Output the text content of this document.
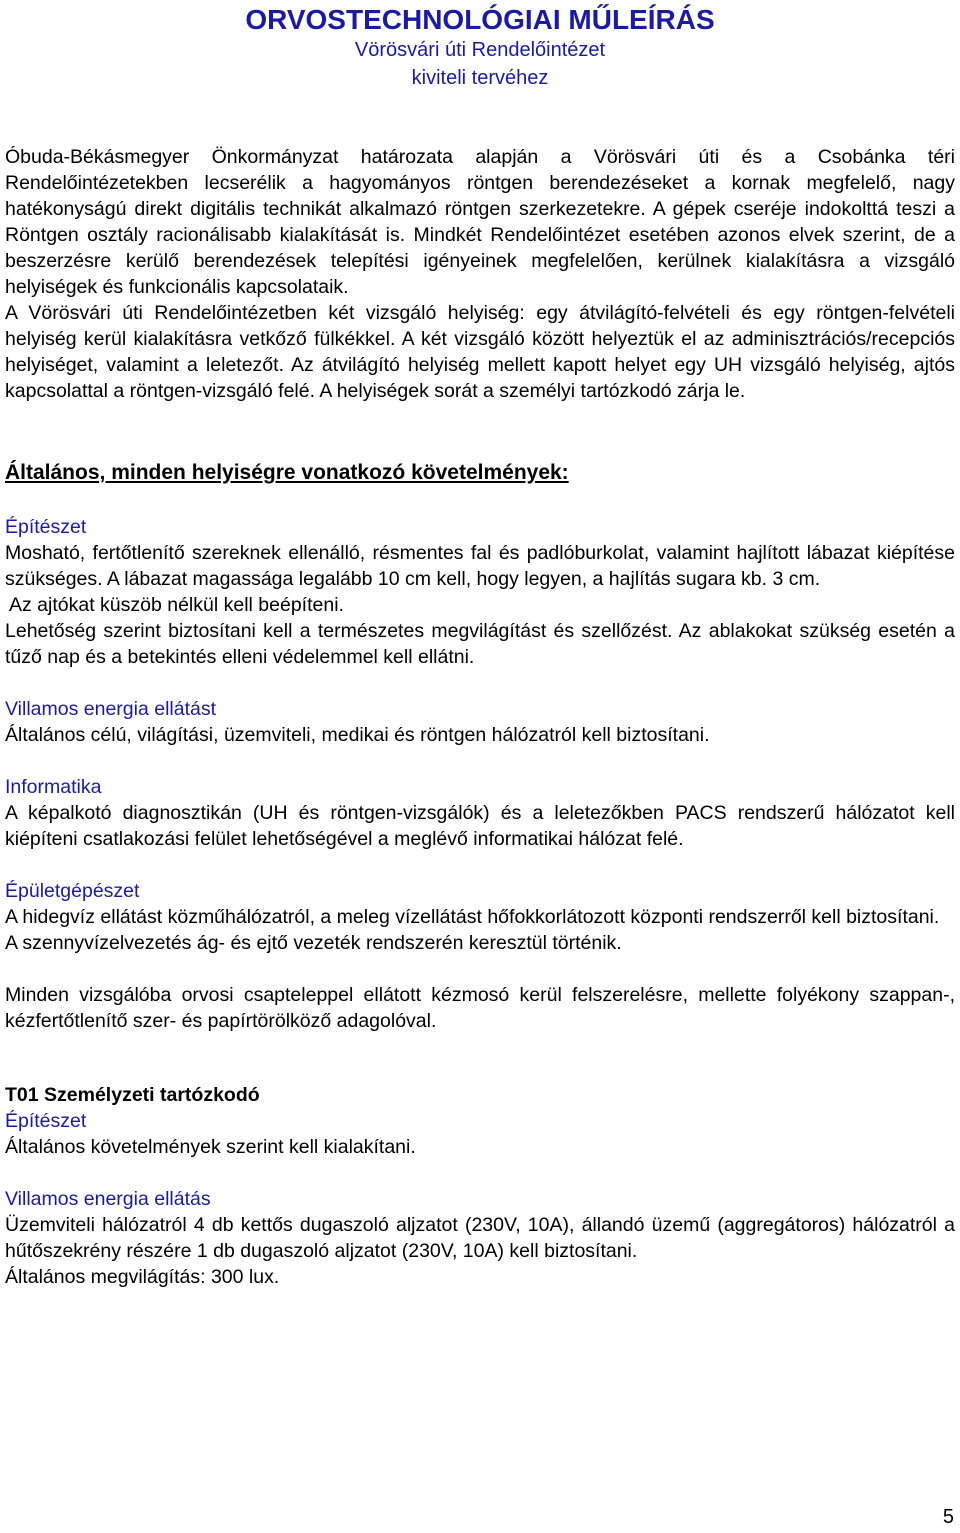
ORVOSTECHNOLÓGIAI MŰLEÍRÁS
Vörösvári úti Rendelőintézet
kiviteli tervéhez

Óbuda-Békásmegyer Önkormányzat határozata alapján a Vörösvári úti és a Csobánka téri Rendelőintézetekben lecserélik a hagyományos röntgen berendezéseket a kornak megfelelő, nagy hatékonyságú direkt digitális technikát alkalmazó röntgen szerkezetekre. A gépek cseréje indokolttá teszi a Röntgen osztály racionálisabb kialakítását is. Mindkét Rendelőintézet esetében azonos elvek szerint, de a beszerzésre kerülő berendezések telepítési igényeinek megfelelően, kerülnek kialakításra a vizsgáló helyiségek és funkcionális kapcsolataik.

A Vörösvári úti Rendelőintézetben két vizsgáló helyiség: egy átvilágító-felvételi és egy röntgen-felvételi helyiség kerül kialakításra vetkőző fülkékkel. A két vizsgáló között helyeztük el az adminisztrációs/recepciós helyiséget, valamint a leletezőt. Az átvilágító helyiség mellett kapott helyet egy UH vizsgáló helyiség, ajtós kapcsolattal a röntgen-vizsgáló felé. A helyiségek sorát a személyi tartózkodó zárja le.

Általános, minden helyiségre vonatkozó követelmények:

Építészet

Mosható, fertőtlenítő szereknek ellenálló, résmentes fal és padlóburkolat, valamint hajlított lábazat kiépítése szükséges. A lábazat magassága legalább 10 cm kell, hogy legyen, a hajlítás sugara kb. 3 cm.

Az ajtókat küszöb nélkül kell beépíteni.

Lehetőség szerint biztosítani kell a természetes megvilágítást és szellőzést. Az ablakokat szükség esetén a tűző nap és a betekintés elleni védelemmel kell ellátni.

Villamos energia ellátást

Általános célú, világítási, üzemviteli, medikai és röntgen hálózatról kell biztosítani.

Informatika

A képalkotó diagnosztikán (UH és röntgen-vizsgálók) és a leletezőkben PACS rendszerű hálózatot kell kiépíteni csatlakozási felület lehetőségével a meglévő informatikai hálózat felé.

Épületgépészet

A hidegvíz ellátást közműhálózatról, a meleg vízellátást hőfokkorlátozott központi rendszerről kell biztosítani.

A szennyvízelvezetés ág- és ejtő vezeték rendszerén keresztül történik.

Minden vizsgálóba orvosi csapteleppel ellátott kézmosó kerül felszerelésre, mellette folyékony szappan-, kézfertőtlenítő szer- és papírtörölköző adagolóval.

T01 Személyzeti tartózkodó

Építészet

Általános követelmények szerint kell kialakítani.

Villamos energia ellátás

Üzemviteli hálózatról 4 db kettős dugaszoló aljzatot (230V, 10A), állandó üzemű (aggregátoros) hálózatról a hűtőszekrény részére 1 db dugaszoló aljzatot (230V, 10A) kell biztosítani.

Általános megvilágítás: 300 lux.

5
